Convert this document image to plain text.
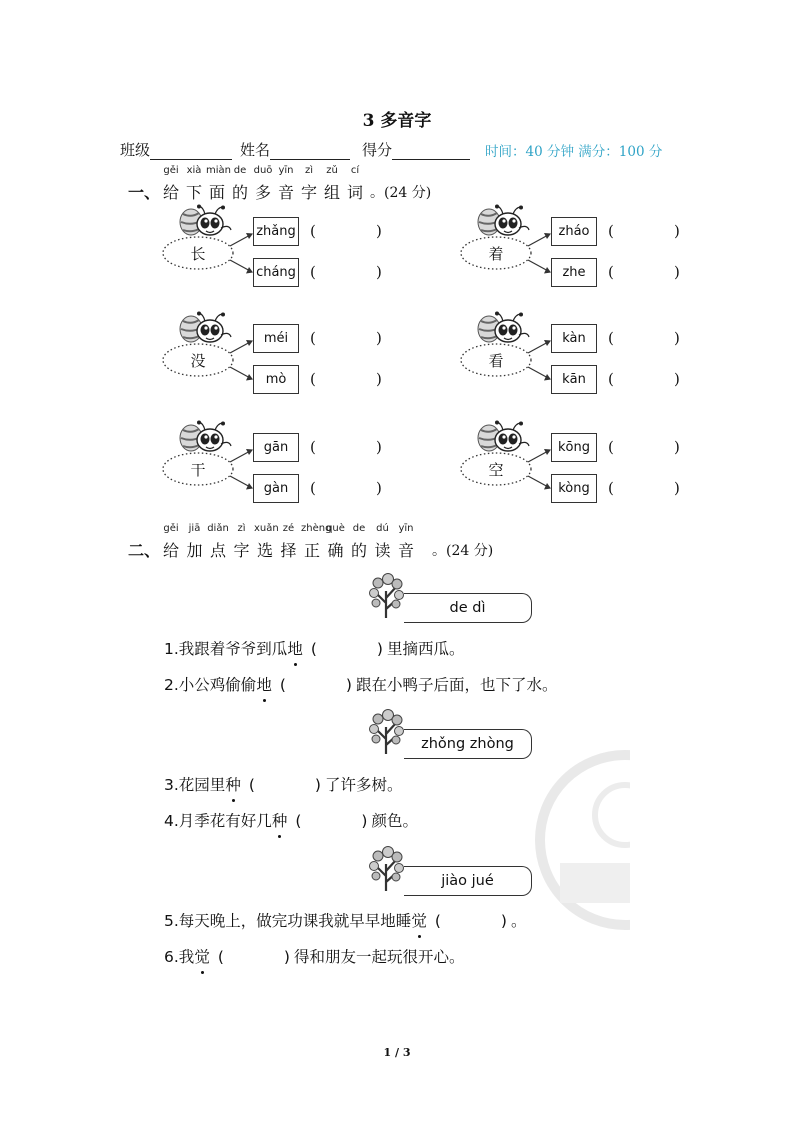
3 多音字
班级	姓名	得分	时间：40 分钟 满分：100 分
一、
gěi xià miàn de duō yīn	zì	zǔ	cí
给 下 面 的 多 音 字 组 词 。(24 分)
长
zhǎng (	)
cháng (	)
着
zháo	(	)
zhe	(	)
没
méi	(	)
mò	(	)
看
kàn	(	)
kān	(	)
干
gān	(	)
gàn	(	)
空
kōng	(	)
kòng	(	)
二、
gěi	jiā diǎn zì xuǎn zé zhèng
què de	dú yīn
给 加 点 字 选 择 正 确 的 读 音 。(24 分)
de dì
zhǒng zhòng
jiào jué
1.我跟着爷爷到瓜地 (	) 里摘西瓜。
2.小公鸡偷偷地 (	) 跟在小鸭子后面，也下了水。
3.花园里种 (	) 了许多树。
4.月季花有好几种 (	) 颜色。
5.每天晚上，做完功课我就早早地睡觉 (	) 。
6.我觉 (	) 得和朋友一起玩很开心。
1 / 3
